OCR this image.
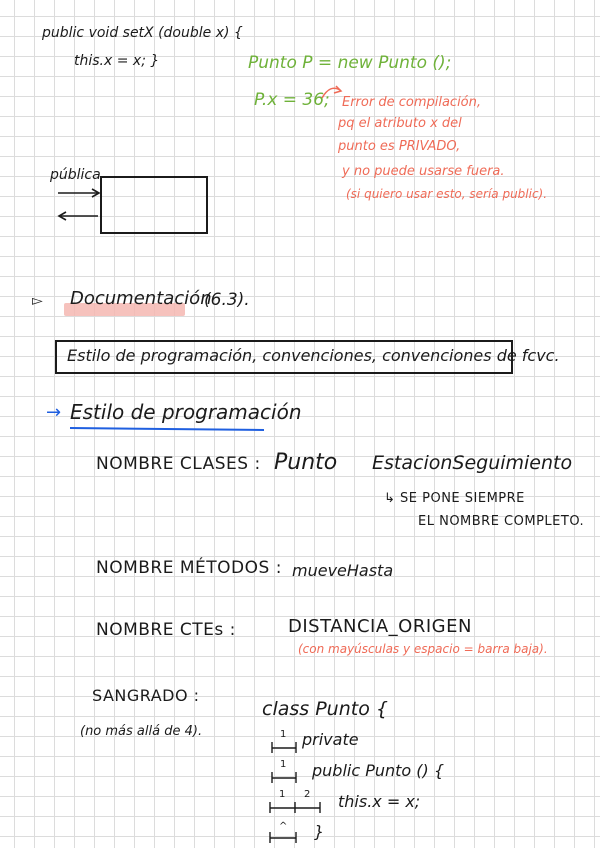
public void setX (double x) {
this.x = x; }	Punto P = new Punto ();
P.x = 36; Error de compilación,
pq el atributo x del
punto es PRIVADO,
y no puede usarse fuera.
(si quiero usar esto, sería public).
pública
▻ Documentación
(6.3).
Estilo de programación, convenciones, convenciones de fcvc.
→ Estilo de programación
NOMBRE CLASES : Punto EstacionSeguimiento
↳ SE PONE SIEMPRE
EL NOMBRE COMPLETO.
NOMBRE MÉTODOS : mueveHasta
NOMBRE CTEs :	DISTANCIA_ORIGEN
(con mayúsculas y espacio = barra baja).
SANGRADO :
(no más allá de 4).
class Punto {
private
public Punto () {
this.x = x;
}
1
1
1 2
^
